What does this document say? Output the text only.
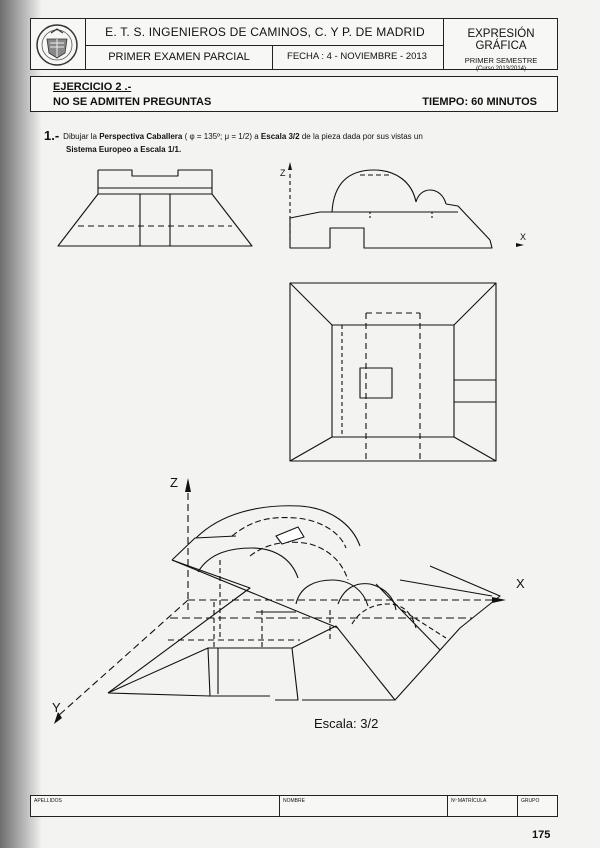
E. T. S. INGENIEROS DE CAMINOS, C. Y P. DE MADRID
PRIMER EXAMEN PARCIAL	FECHA : 4 - NOVIEMBRE - 2013
EXPRESIÓN GRÁFICA
PRIMER SEMESTRE
(Curso 2013/2014)
EJERCICIO 2 .-
NO SE ADMITEN PREGUNTAS	TIEMPO: 60 MINUTOS
1.- Dibujar la Perspectiva Caballera ( φ = 135º; μ = 1/2) a Escala 3/2 de la pieza dada por sus vistas un
Sistema Europeo a Escala 1/1.
Z
X
Z
X
Y
Escala: 3/2
APELLIDOS	NOMBRE	Nº MATRÍCULA	GRUPO
175
